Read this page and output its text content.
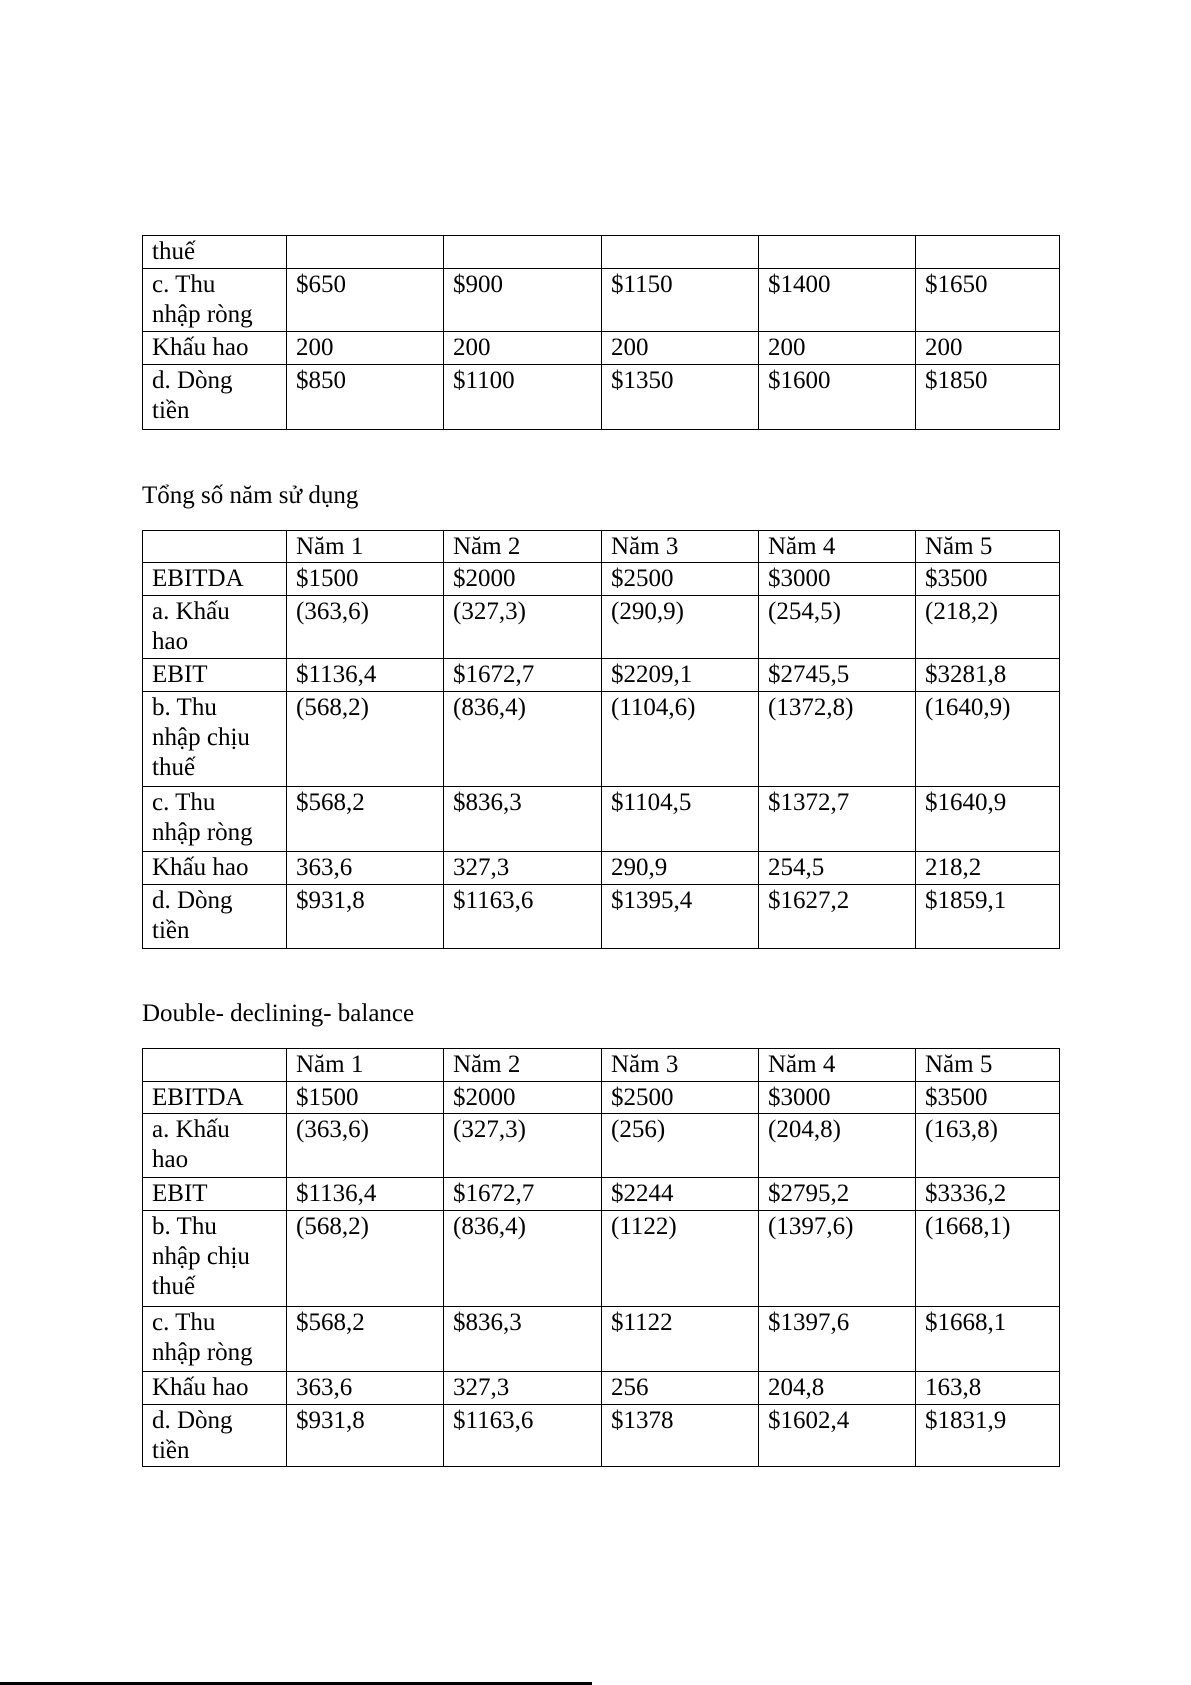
thuế					
c. Thu
nhập ròng	$650	$900	$1150	$1400	$1650
Khấu hao	200	200	200	200	200
d. Dòng
tiền	$850	$1100	$1350	$1600	$1850
Tổng số năm sử dụng
	Năm 1	Năm 2	Năm 3	Năm 4	Năm 5
EBITDA	$1500	$2000	$2500	$3000	$3500
a. Khấu
hao	(363,6)	(327,3)	(290,9)	(254,5)	(218,2)
EBIT	$1136,4	$1672,7	$2209,1	$2745,5	$3281,8
b. Thu
nhập chịu
thuế	(568,2)	(836,4)	(1104,6)	(1372,8)	(1640,9)
c. Thu
nhập ròng	$568,2	$836,3	$1104,5	$1372,7	$1640,9
Khấu hao	363,6	327,3	290,9	254,5	218,2
d. Dòng
tiền	$931,8	$1163,6	$1395,4	$1627,2	$1859,1
Double- declining- balance
	Năm 1	Năm 2	Năm 3	Năm 4	Năm 5
EBITDA	$1500	$2000	$2500	$3000	$3500
a. Khấu
hao	(363,6)	(327,3)	(256)	(204,8)	(163,8)
EBIT	$1136,4	$1672,7	$2244	$2795,2	$3336,2
b. Thu
nhập chịu
thuế	(568,2)	(836,4)	(1122)	(1397,6)	(1668,1)
c. Thu
nhập ròng	$568,2	$836,3	$1122	$1397,6	$1668,1
Khấu hao	363,6	327,3	256	204,8	163,8
d. Dòng
tiền	$931,8	$1163,6	$1378	$1602,4	$1831,9
